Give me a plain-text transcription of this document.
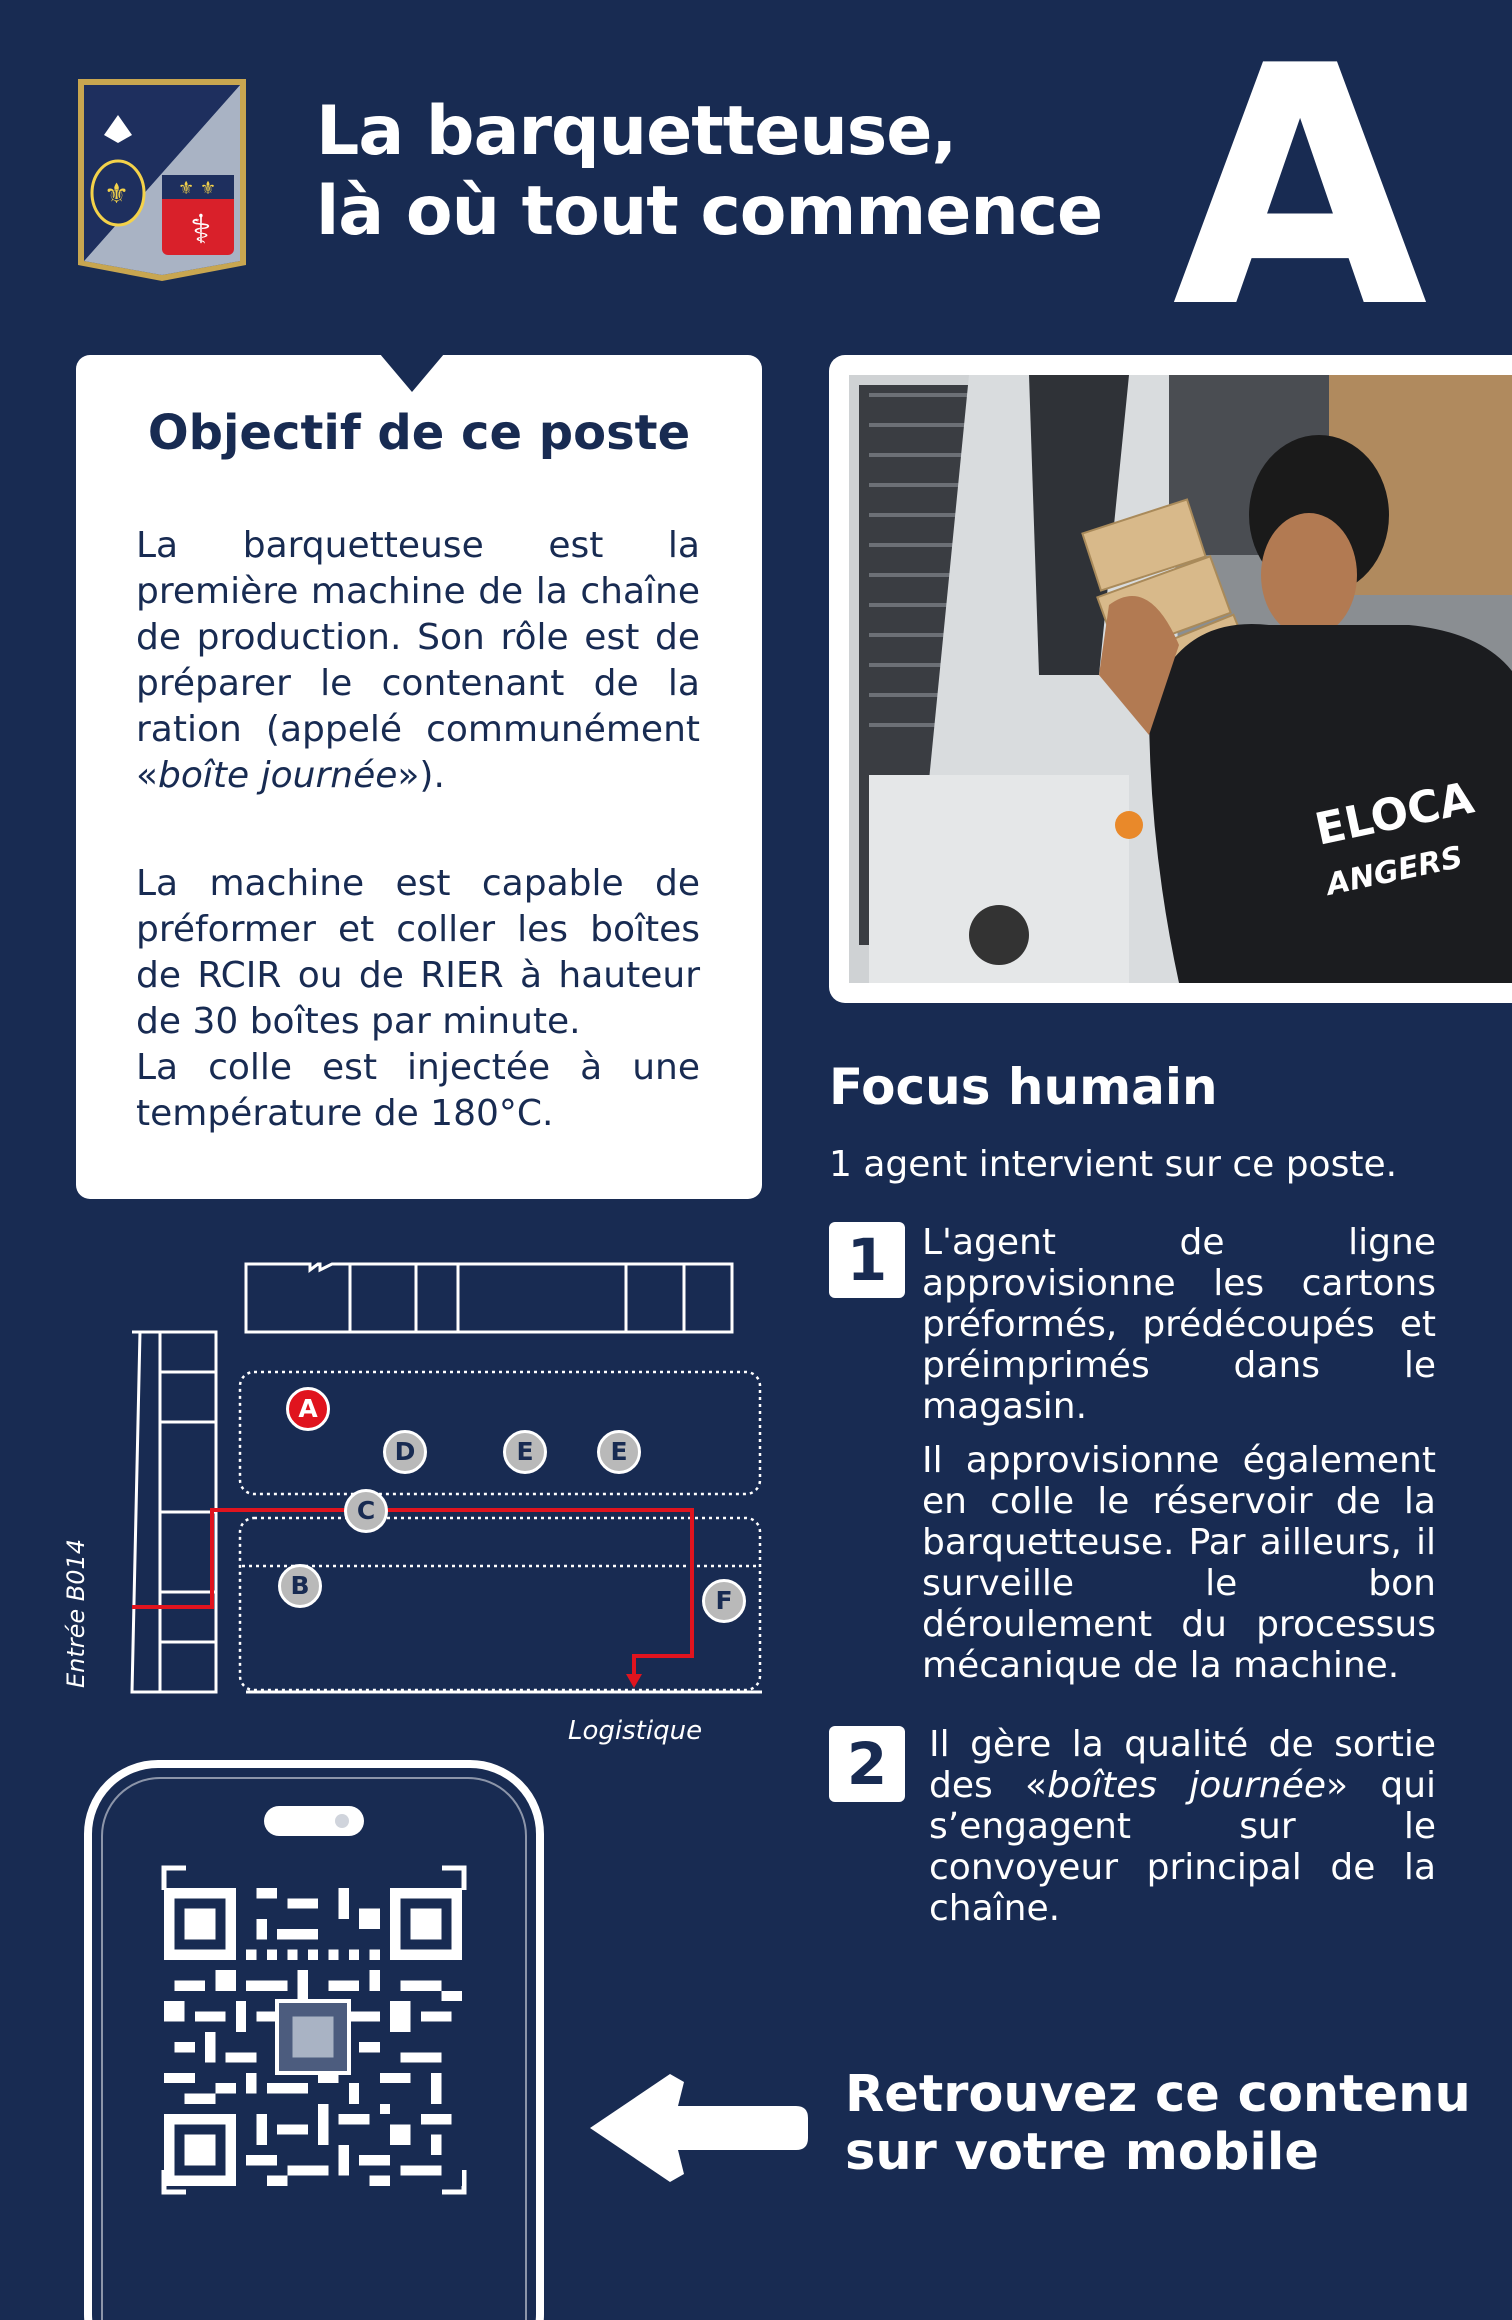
⚜ ⚜
⚕
⚜
La barquetteuse,
là où tout commence A
Objectif de ce poste

La barquetteuse est la première machine de la chaîne de production. Son rôle est de préparer le contenant de la ration (appelé communément «boîte journée»).

La machine est capable de préformer et coller les boîtes de RCIR ou de RIER à hauteur de 30 boîtes par minute.

La colle est injectée à une température de 180°C.

ELOCA
ANGERS
Focus humain

1 agent intervient sur ce poste.

1 L'agent de ligne approvisionne les cartons préformés, prédécoupés et préimprimés dans le magasin.

Il approvisionne également en colle le réservoir de la barquetteuse. Par ailleurs, il surveille le bon déroulement du processus mécanique de la machine.

2	Il gère la qualité de sortie des «boîtes journée» qui s’engagent sur le convoyeur principal de la chaîne.

Entrée B014

Logistique

A
D	E	E
C
B
F

Retrouvez ce contenu
sur votre mobile
